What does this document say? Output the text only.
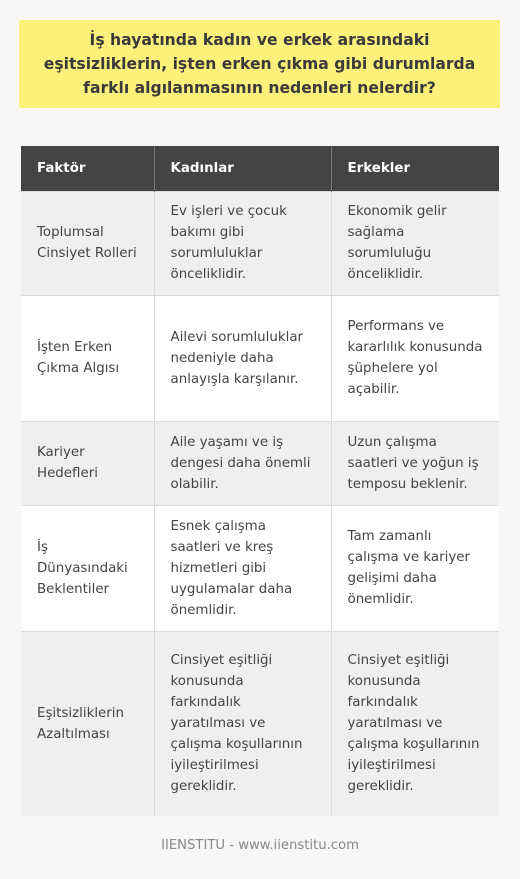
İş hayatında kadın ve erkek arasındaki eşitsizliklerin, işten erken çıkma gibi durumlarda farklı algılanmasının nedenleri nelerdir?

Faktör	Kadınlar	Erkekler
Toplumsal Cinsiyet Rolleri	Ev işleri ve çocuk bakımı gibi sorumluluklar önceliklidir.	Ekonomik gelir sağlama sorumluluğu önceliklidir.
İşten Erken Çıkma Algısı	Ailevi sorumluluklar nedeniyle daha anlayışla karşılanır.	Performans ve kararlılık konusunda şüphelere yol açabilir.
Kariyer Hedefleri	Aile yaşamı ve iş dengesi daha önemli olabilir.	Uzun çalışma saatleri ve yoğun iş temposu beklenir.
İş Dünyasındaki Beklentiler	Esnek çalışma saatleri ve kreş hizmetleri gibi uygulamalar daha önemlidir.	Tam zamanlı çalışma ve kariyer gelişimi daha önemlidir.
Eşitsizliklerin Azaltılması	Cinsiyet eşitliği konusunda farkındalık yaratılması ve çalışma koşullarının iyileştirilmesi gereklidir.	Cinsiyet eşitliği konusunda farkındalık yaratılması ve çalışma koşullarının iyileştirilmesi gereklidir.

IIENSTITU - www.iienstitu.com
